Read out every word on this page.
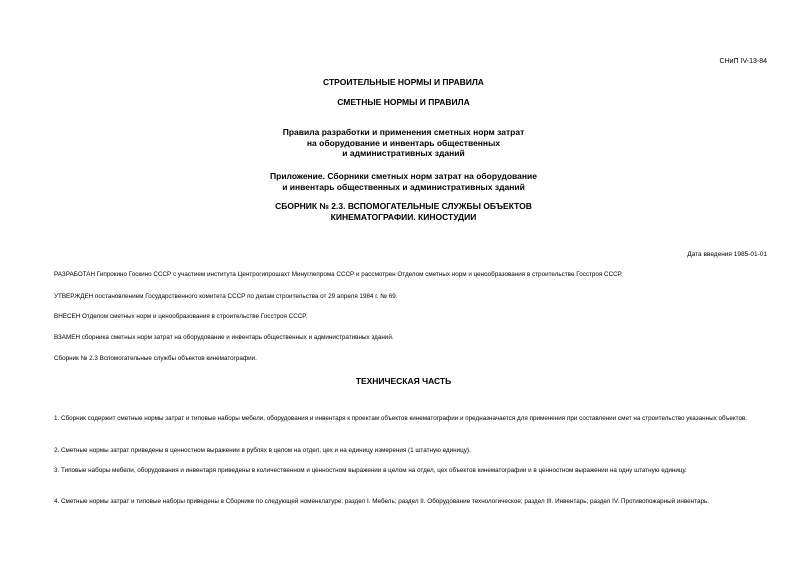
СНиП IV-13-84
СТРОИТЕЛЬНЫЕ НОРМЫ И ПРАВИЛА
СМЕТНЫЕ НОРМЫ И ПРАВИЛА
Правила разработки и применения сметных норм затрат
на оборудование и инвентарь общественных
и административных зданий
Приложение. Сборники сметных норм затрат на оборудование
и инвентарь общественных и административных зданий
СБОРНИК № 2.3. ВСПОМОГАТЕЛЬНЫЕ СЛУЖБЫ ОБЪЕКТОВ
КИНЕМАТОГРАФИИ. КИНОСТУДИИ
Дата введения 1985-01-01
РАЗРАБОТАН Гипрокино Госкино СССР с участием института Центрогипрошахт Минуглепрома СССР и рассмотрен Отделом сметных норм и ценообразования в строительстве Госстроя СССР.
УТВЕРЖДЕН постановлением Государственного комитета СССР по делам строительства от 29 апреля 1984 г. № 69.
ВНЕСЕН Отделом сметных норм и ценообразования в строительстве Госстроя СССР.
ВЗАМЕН сборника сметных норм затрат на оборудование и инвентарь общественных и административных зданий.
Сборник № 2.3 Вспомогательные службы объектов кинематографии.
ТЕХНИЧЕСКАЯ ЧАСТЬ

1. Сборник содержит сметные нормы затрат и типовые наборы мебели, оборудования и инвентаря к проектам объектов кинематографии и предназначается для применения при составлении смет на строительство указанных объектов.

2. Сметные нормы затрат приведены в ценностном выражении в рублях в целом на отдел, цех и на единицу измерения (1 штатную единицу).

3. Типовые наборы мебели, оборудования и инвентаря приведены в количественном и ценностном выражении в целом на отдел, цех объектов кинематографии и в ценностном выражении на одну штатную единицу.

4. Сметные нормы затрат и типовые наборы приведены в Сборнике по следующей номенклатуре: раздел I. Мебель; раздел II. Оборудование технологическое; раздел III. Инвентарь; раздел IV. Противопожарный инвентарь.
